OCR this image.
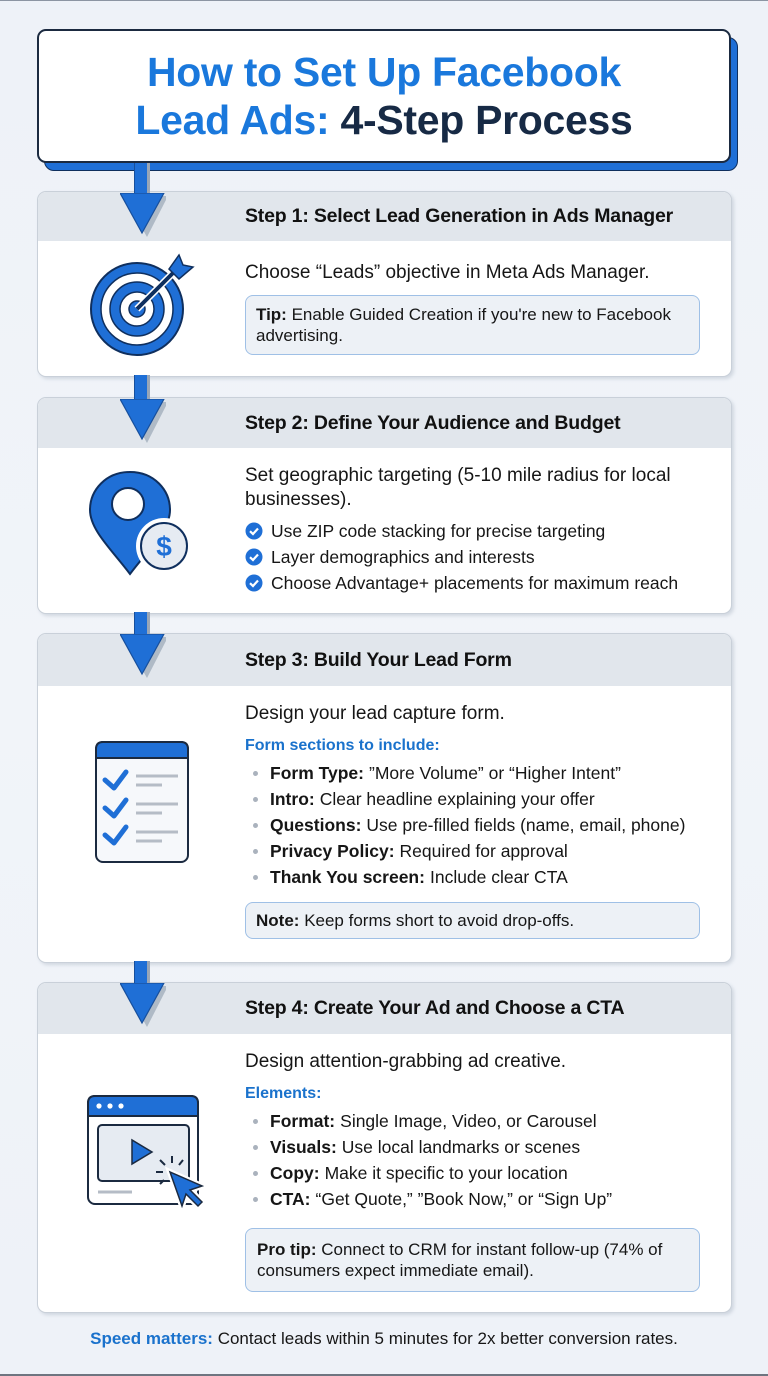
How to Set Up Facebook
Lead Ads: 4-Step Process
Step 1: Select Lead Generation in Ads Manager
Choose “Leads” objective in Meta Ads Manager.
Tip: Enable Guided Creation if you're new to Facebook advertising.
Step 2: Define Your Audience and Budget
$
Set geographic targeting (5-10 mile radius for local businesses).
Use ZIP code stacking for precise targeting
Layer demographics and interests
Choose Advantage+ placements for maximum reach
Step 3: Build Your Lead Form
Design your lead capture form.
Form sections to include:
Form Type: ”More Volume” or “Higher Intent”
Intro: Clear headline explaining your offer
Questions: Use pre-filled fields (name, email, phone)
Privacy Policy: Required for approval
Thank You screen: Include clear CTA
Note: Keep forms short to avoid drop-offs.
Step 4: Create Your Ad and Choose a CTA
Design attention-grabbing ad creative.
Elements:
Format: Single Image, Video, or Carousel
Visuals: Use local landmarks or scenes
Copy: Make it specific to your location
CTA: “Get Quote,” ”Book Now,” or “Sign Up”
Pro tip: Connect to CRM for instant follow-up (74% of consumers expect immediate email).
Speed matters: Contact leads within 5 minutes for 2x better conversion rates.
